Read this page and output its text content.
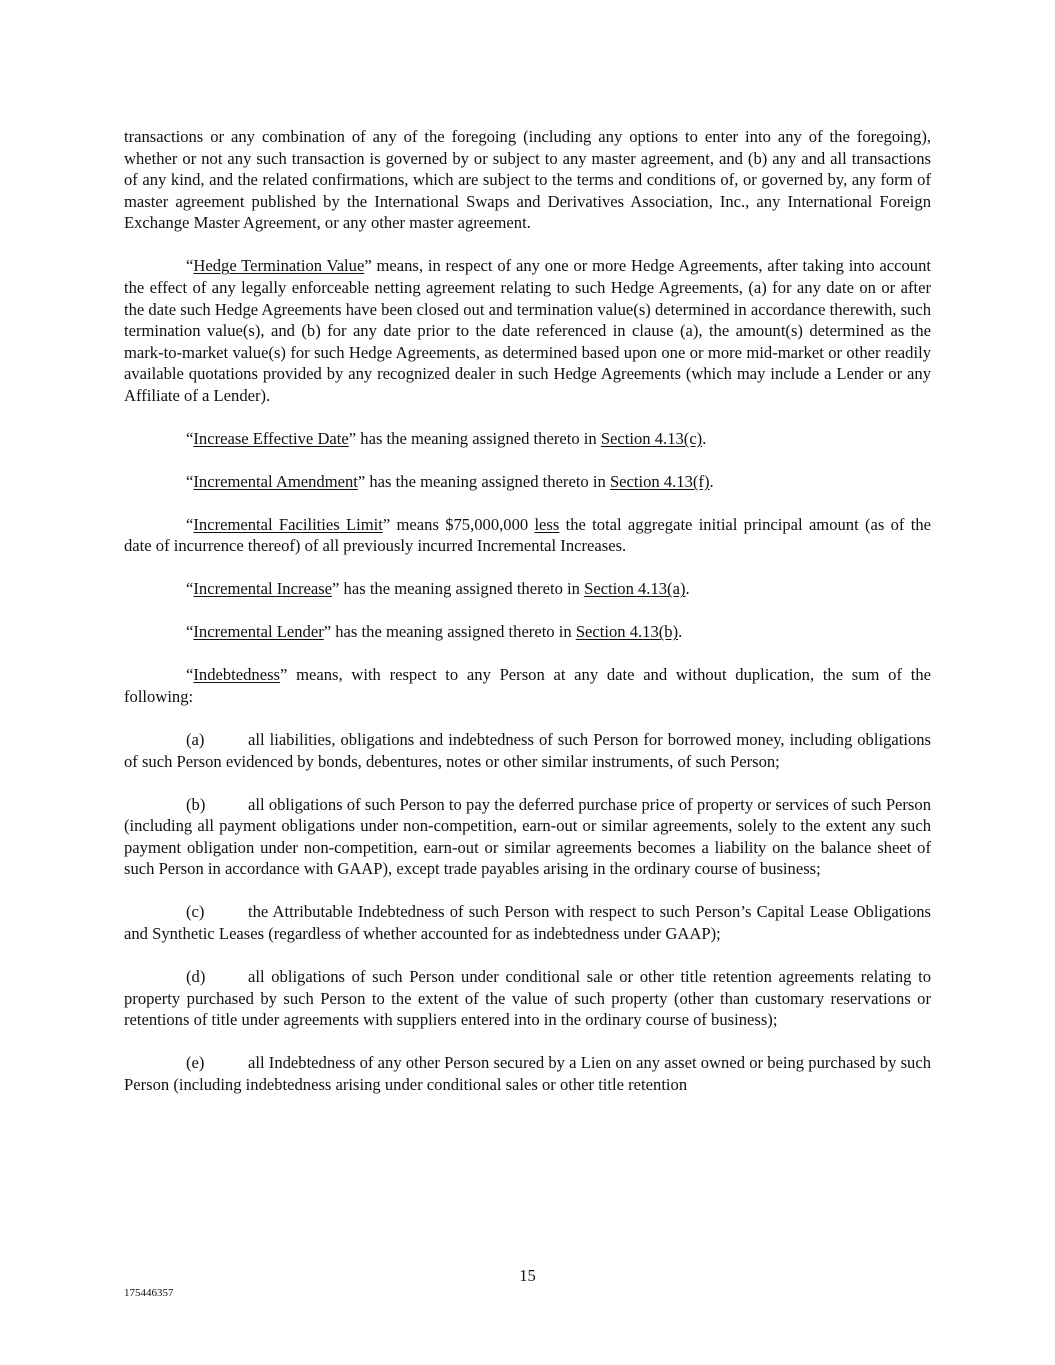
transactions or any combination of any of the foregoing (including any options to enter into any of the foregoing), whether or not any such transaction is governed by or subject to any master agreement, and (b) any and all transactions of any kind, and the related confirmations, which are subject to the terms and conditions of, or governed by, any form of master agreement published by the International Swaps and Derivatives Association, Inc., any International Foreign Exchange Master Agreement, or any other master agreement.

“Hedge Termination Value” means, in respect of any one or more Hedge Agreements, after taking into account the effect of any legally enforceable netting agreement relating to such Hedge Agreements, (a) for any date on or after the date such Hedge Agreements have been closed out and termination value(s) determined in accordance therewith, such termination value(s), and (b) for any date prior to the date referenced in clause (a), the amount(s) determined as the mark-to-market value(s) for such Hedge Agreements, as determined based upon one or more mid-market or other readily available quotations provided by any recognized dealer in such Hedge Agreements (which may include a Lender or any Affiliate of a Lender).

“Increase Effective Date” has the meaning assigned thereto in Section 4.13(c).

“Incremental Amendment” has the meaning assigned thereto in Section 4.13(f).

“Incremental Facilities Limit” means $75,000,000 less the total aggregate initial principal amount (as of the date of incurrence thereof) of all previously incurred Incremental Increases.

“Incremental Increase” has the meaning assigned thereto in Section 4.13(a).

“Incremental Lender” has the meaning assigned thereto in Section 4.13(b).

“Indebtedness” means, with respect to any Person at any date and without duplication, the sum of the following:

(a)	all liabilities, obligations and indebtedness of such Person for borrowed money, including obligations of such Person evidenced by bonds, debentures, notes or other similar instruments, of such Person;

(b)	all obligations of such Person to pay the deferred purchase price of property or services of such Person (including all payment obligations under non-competition, earn-out or similar agreements, solely to the extent any such payment obligation under non-competition, earn-out or similar agreements becomes a liability on the balance sheet of such Person in accordance with GAAP), except trade payables arising in the ordinary course of business;

(c)	the Attributable Indebtedness of such Person with respect to such Person’s Capital Lease Obligations and Synthetic Leases (regardless of whether accounted for as indebtedness under GAAP);

(d)	all obligations of such Person under conditional sale or other title retention agreements relating to property purchased by such Person to the extent of the value of such property (other than customary reservations or retentions of title under agreements with suppliers entered into in the ordinary course of business);

(e)	all Indebtedness of any other Person secured by a Lien on any asset owned or being purchased by such Person (including indebtedness arising under conditional sales or other title retention

15
175446357
